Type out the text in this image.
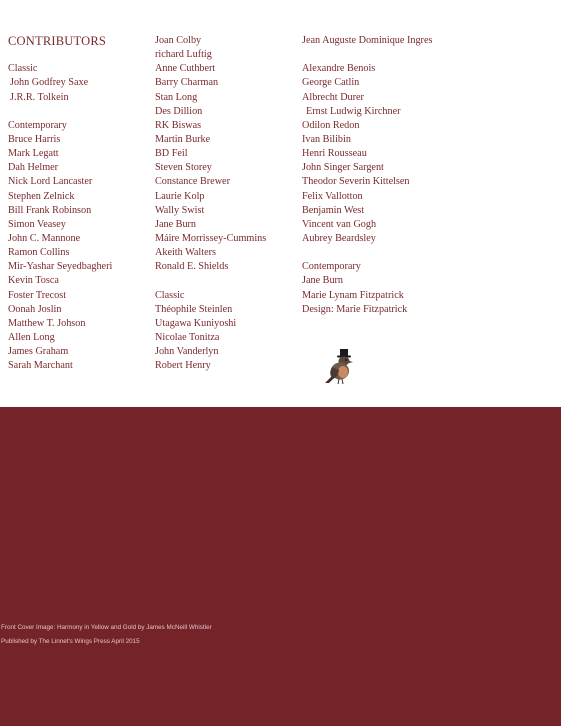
CONTRIBUTORS
Classic
John Godfrey Saxe
J.R.R. Tolkein
Contemporary
Bruce Harris
Mark Legatt
Dah Helmer
Nick Lord Lancaster
Stephen Zelnick
Bill Frank Robinson
Simon Veasey
John C. Mannone
Ramon Collins
Mir-Yashar Seyedbagheri
Kevin Tosca
Foster Trecost
Oonah Joslin
Matthew T. Johson
Allen Long
James Graham
Sarah Marchant
Joan Colby
richard Luftig
Anne Cuthbert
Barry Charman
Stan Long
Des Dillion
RK Biswas
Martin Burke
BD Feil
Steven Storey
Constance Brewer
Laurie Kolp
Wally Swist
Jane Burn
Máire Morrissey-Cummins
Akeith Walters
Ronald E. Shields
Classic
Théophile Steinlen
Utagawa Kuniyoshi
Nicolae Tonitza
John Vanderlyn
Robert Henry
Jean Auguste Dominique Ingres
Alexandre Benois
George Catlin
Albrecht Durer
Ernst Ludwig Kirchner
Odilon Redon
Ivan Bilibin
Henri Rousseau
John Singer Sargent
Theodor Severin Kittelsen
Felix Vallotton
Benjamin West
Vincent van Gogh
Aubrey Beardsley
Contemporary
Jane Burn
Marie Lynam Fitzpatrick
Design: Marie Fitzpatrick
Front Cover Image: Harmony in Yellow and Gold by James McNeill Whistler
Published by The Linnet's Wings Press April 2015
